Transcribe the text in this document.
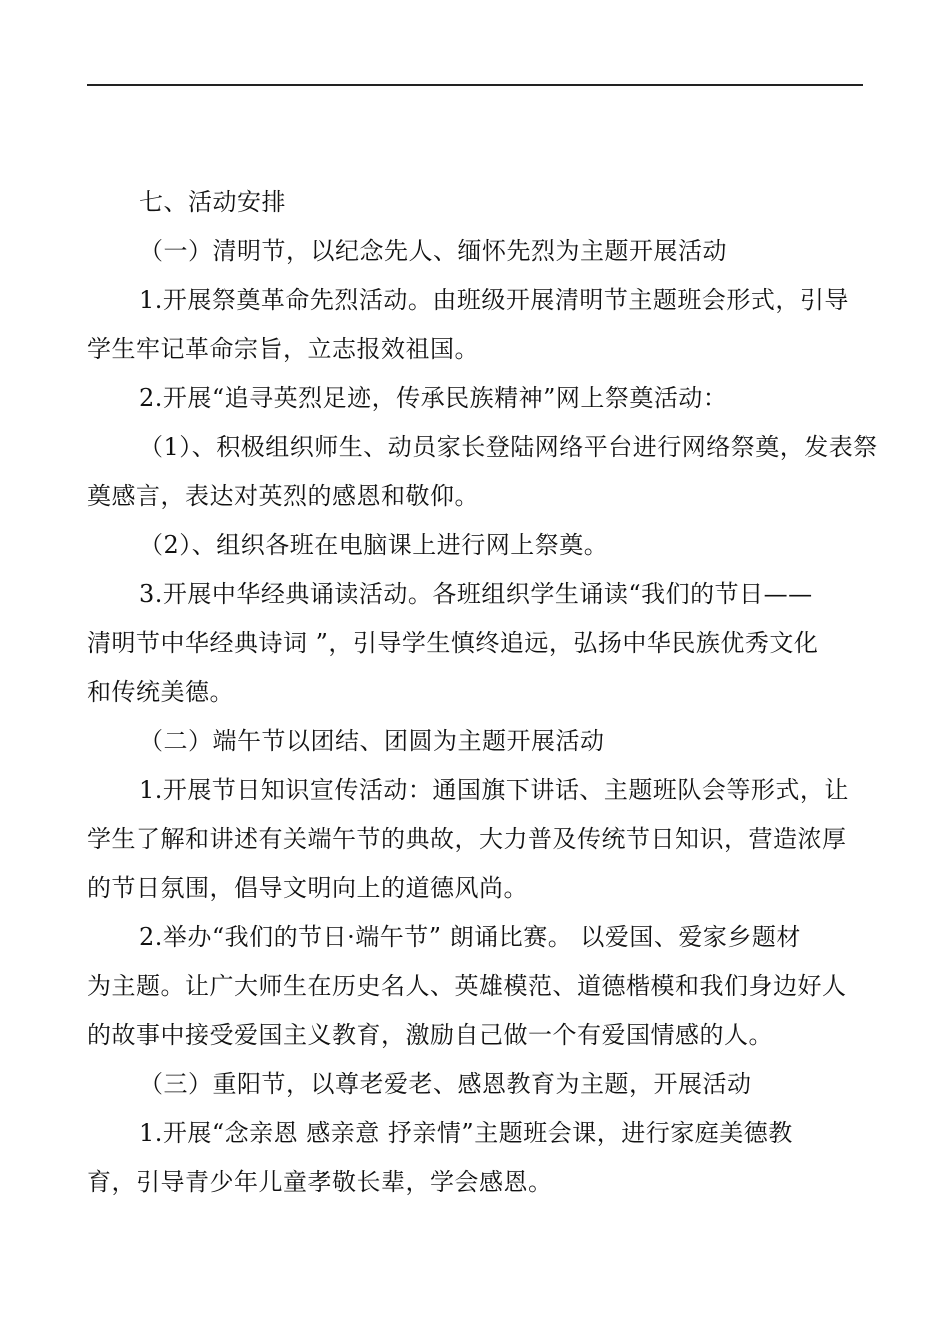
七、活动安排

（一）清明节，以纪念先人、缅怀先烈为主题开展活动

1.开展祭奠革命先烈活动。由班级开展清明节主题班会形式，引导
学生牢记革命宗旨，立志报效祖国。

2.开展“追寻英烈足迹，传承民族精神”网上祭奠活动：

（1）、积极组织师生、动员家长登陆网络平台进行网络祭奠，发表祭
奠感言，表达对英烈的感恩和敬仰。

（2）、组织各班在电脑课上进行网上祭奠。

3.开展中华经典诵读活动。各班组织学生诵读“我们的节日——
清明节中华经典诗词 ”，引导学生慎终追远，弘扬中华民族优秀文化
和传统美德。

（二）端午节以团结、团圆为主题开展活动

1.开展节日知识宣传活动：通国旗下讲话、主题班队会等形式，让
学生了解和讲述有关端午节的典故，大力普及传统节日知识，营造浓厚
的节日氛围，倡导文明向上的道德风尚。

2.举办“我们的节日·端午节” 朗诵比赛。 以爱国、爱家乡题材
为主题。让广大师生在历史名人、英雄模范、道德楷模和我们身边好人
的故事中接受爱国主义教育，激励自己做一个有爱国情感的人。

（三）重阳节，以尊老爱老、感恩教育为主题，开展活动

1.开展“念亲恩 感亲意 抒亲情”主题班会课，进行家庭美德教
育，引导青少年儿童孝敬长辈，学会感恩。
